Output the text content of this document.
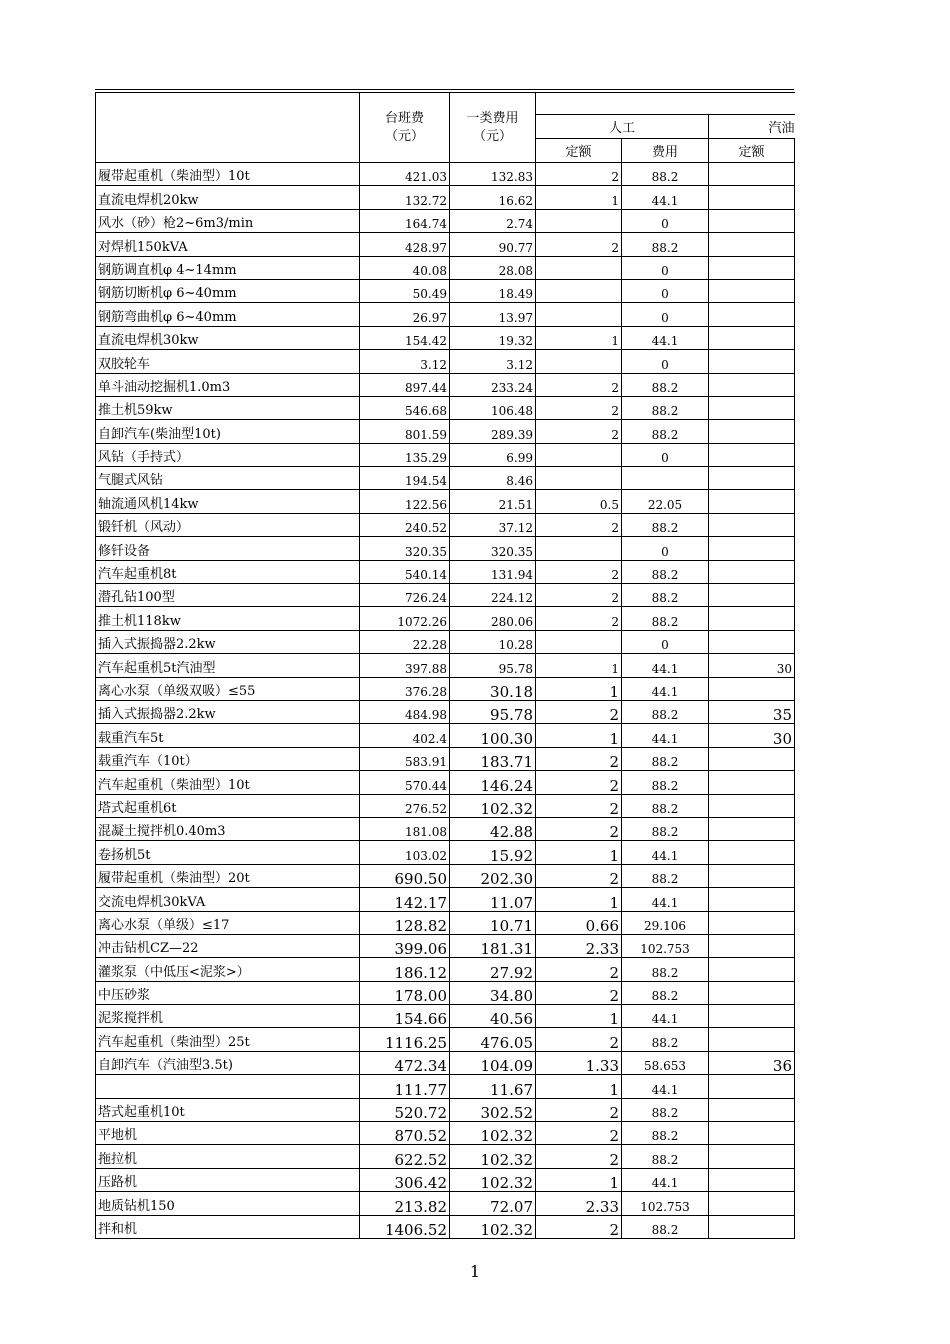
	台班费
（元）	一类费用
（元）			
			人工		汽油
			定额	费用	定额
履带起重机（柴油型）10t	421.03	132.83	2	88.2	
直流电焊机20kw	132.72	16.62	1	44.1	
风水（砂）枪2~6m3/min	164.74	2.74		0	
对焊机150kVA	428.97	90.77	2	88.2	
钢筋调直机φ 4~14mm	40.08	28.08		0	
钢筋切断机φ 6~40mm	50.49	18.49		0	
钢筋弯曲机φ 6~40mm	26.97	13.97		0	
直流电焊机30kw	154.42	19.32	1	44.1	
双胶轮车	3.12	3.12		0	
单斗油动挖掘机1.0m3	897.44	233.24	2	88.2	
推土机59kw	546.68	106.48	2	88.2	
自卸汽车(柴油型10t)	801.59	289.39	2	88.2	
风钻（手持式）	135.29	6.99		0	
气腿式风钻	194.54	8.46			
轴流通风机14kw	122.56	21.51	0.5	22.05	
锻钎机（风动）	240.52	37.12	2	88.2	
修钎设备	320.35	320.35		0	
汽车起重机8t	540.14	131.94	2	88.2	
潜孔钻100型	726.24	224.12	2	88.2	
推土机118kw	1072.26	280.06	2	88.2	
插入式振捣器2.2kw	22.28	10.28		0	
汽车起重机5t汽油型	397.88	95.78	1	44.1	30
离心水泵（单级双吸）≤55	376.28	30.18	1	44.1	
插入式振捣器2.2kw	484.98	95.78	2	88.2	35
载重汽车5t	402.4	100.30	1	44.1	30
载重汽车（10t）	583.91	183.71	2	88.2	
汽车起重机（柴油型）10t	570.44	146.24	2	88.2	
塔式起重机6t	276.52	102.32	2	88.2	
混凝土搅拌机0.40m3	181.08	42.88	2	88.2	
卷扬机5t	103.02	15.92	1	44.1	
履带起重机（柴油型）20t	690.50	202.30	2	88.2	
交流电焊机30kVA	142.17	11.07	1	44.1	
离心水泵（单级）≤17	128.82	10.71	0.66	29.106	
冲击钻机CZ—22	399.06	181.31	2.33	102.753	
灌浆泵（中低压<泥浆>）	186.12	27.92	2	88.2	
中压砂浆	178.00	34.80	2	88.2	
泥浆搅拌机	154.66	40.56	1	44.1	
汽车起重机（柴油型）25t	1116.25	476.05	2	88.2	
自卸汽车（汽油型3.5t)	472.34	104.09	1.33	58.653	36
	111.77	11.67	1	44.1	
塔式起重机10t	520.72	302.52	2	88.2	
平地机	870.52	102.32	2	88.2	
拖拉机	622.52	102.32	2	88.2	
压路机	306.42	102.32	1	44.1	
地质钻机150	213.82	72.07	2.33	102.753	
拌和机	1406.52	102.32	2	88.2	
1
